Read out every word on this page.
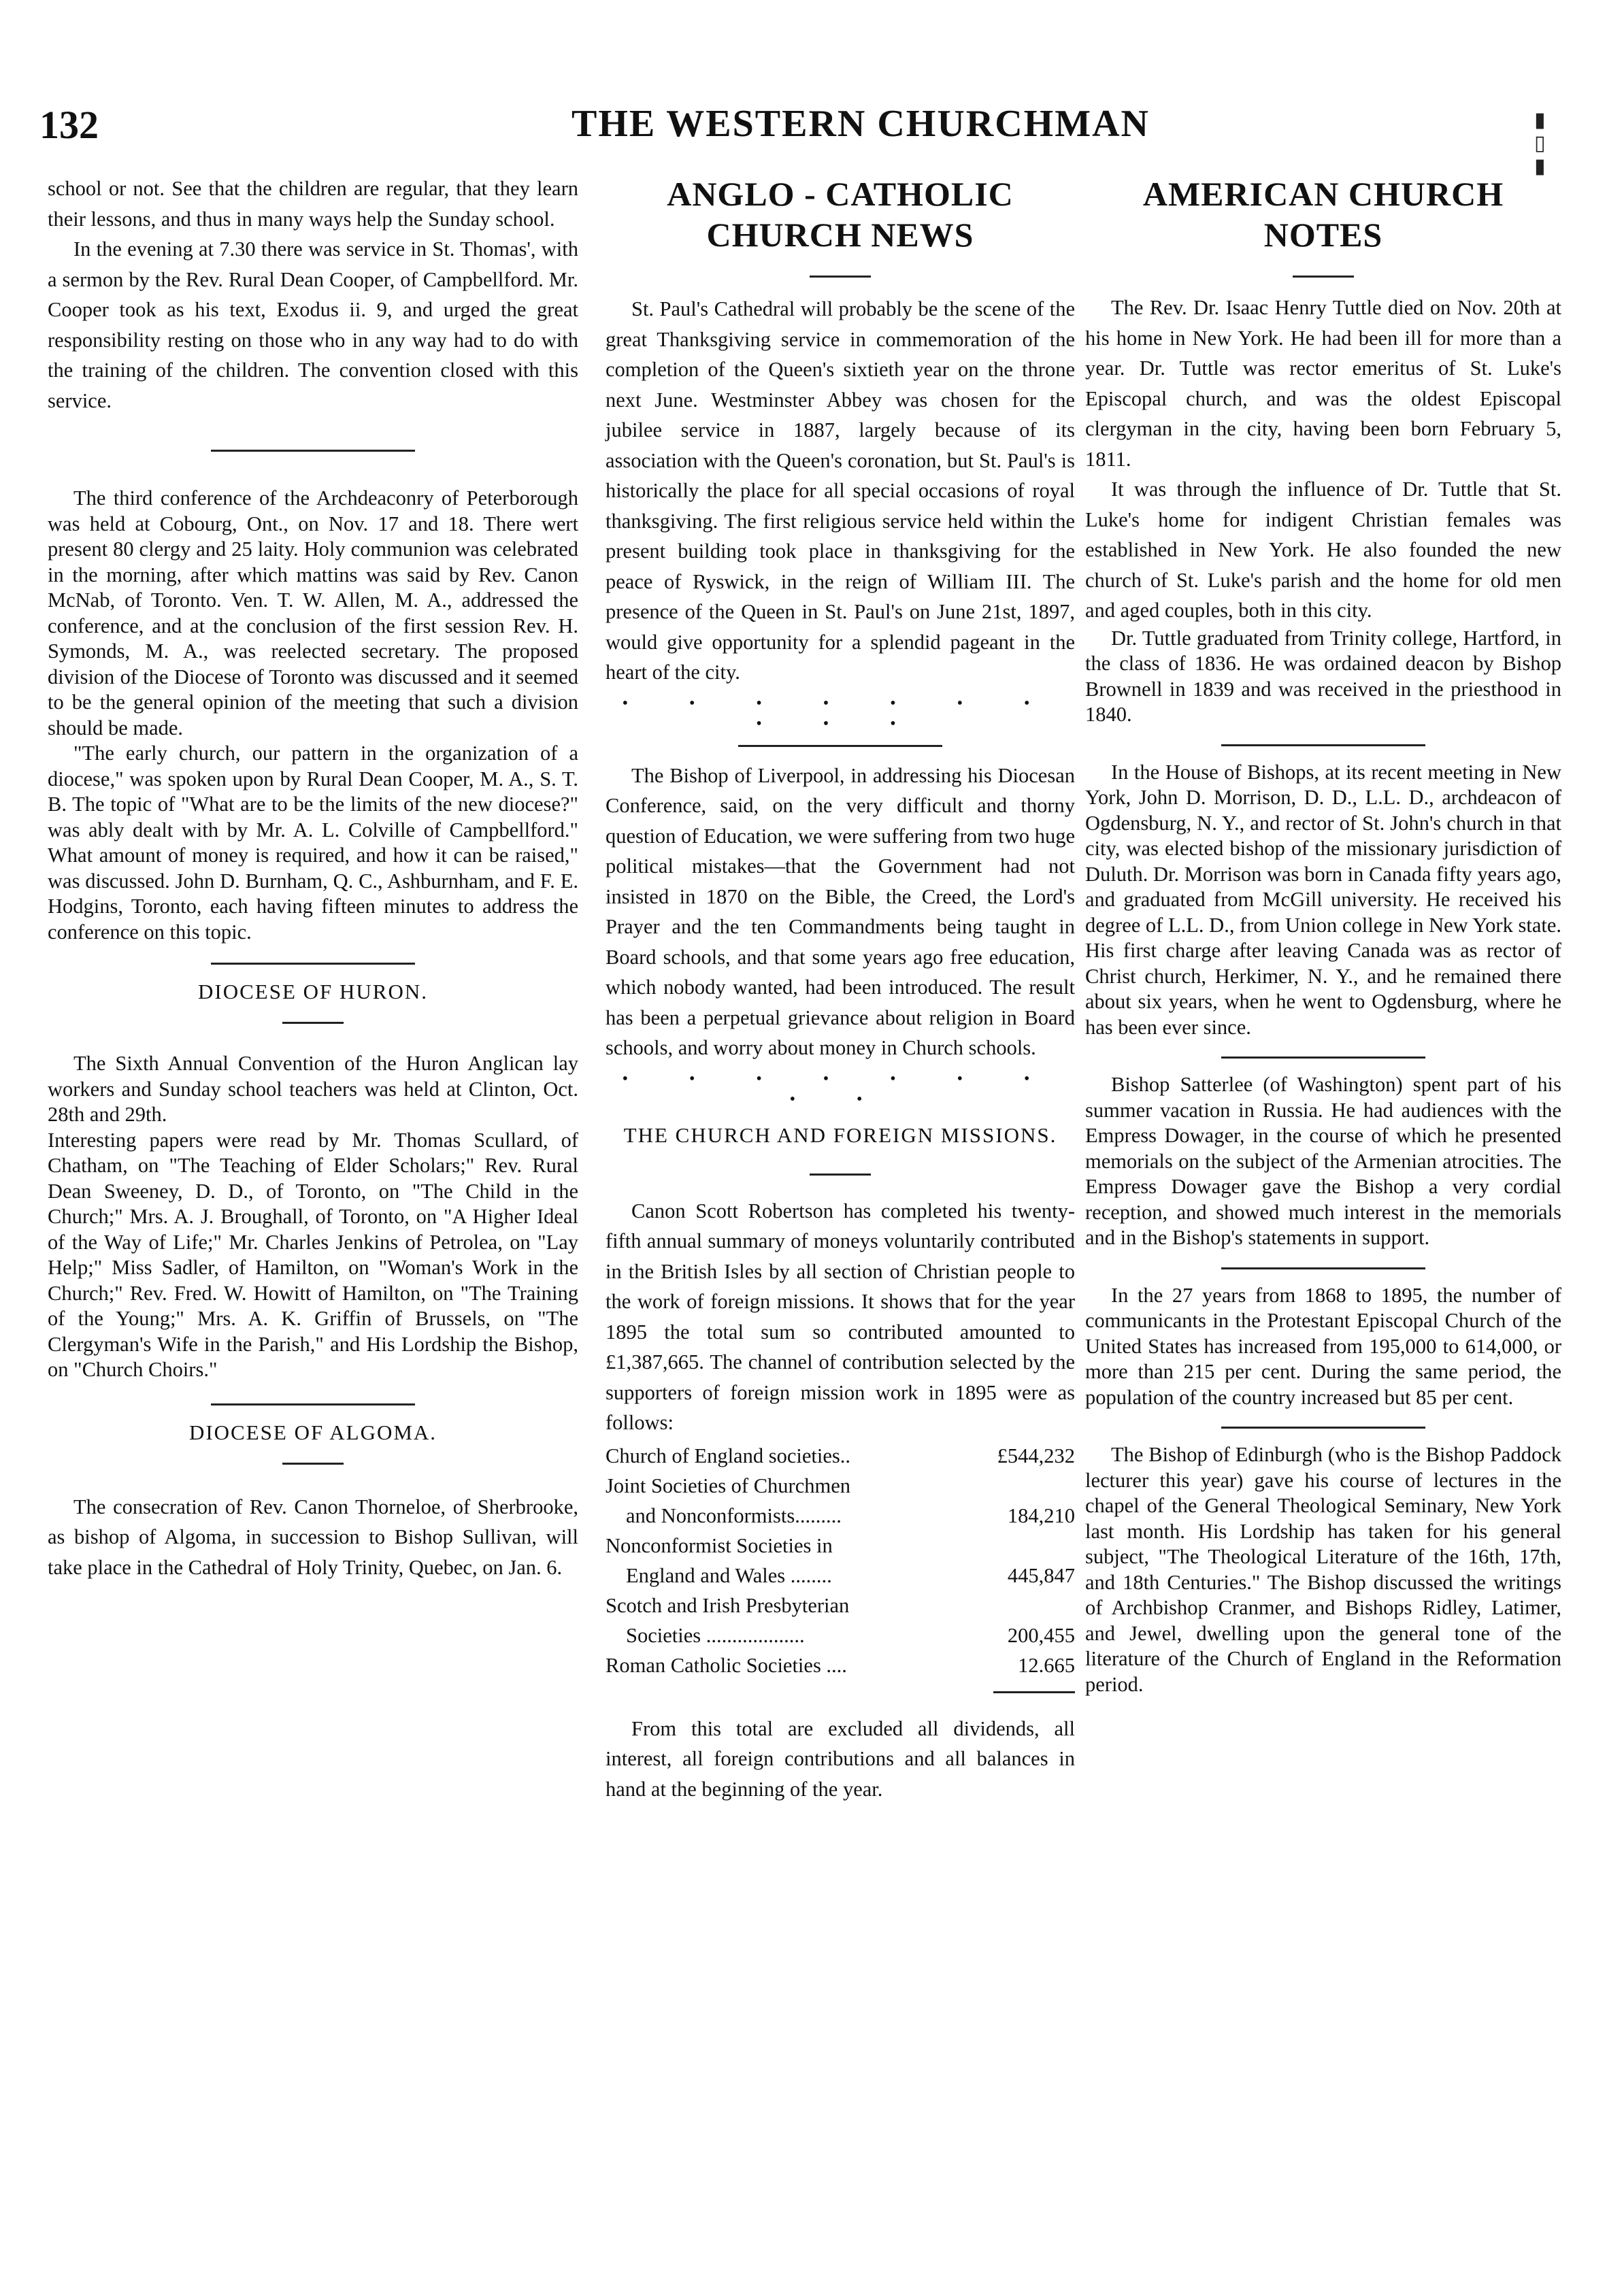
132	THE WESTERN CHURCHMAN	▮
▯
▮

school or not. See that the children are regular, that they learn their lessons, and thus in many ways help the Sunday school.

In the evening at 7.30 there was service in St. Thomas', with a sermon by the Rev. Rural Dean Cooper, of Campbellford. Mr. Cooper took as his text, Exodus ii. 9, and urged the great responsibility resting on those who in any way had to do with the training of the children. The convention closed with this service.

The third conference of the Archdeaconry of Peterborough was held at Cobourg, Ont., on Nov. 17 and 18. There wert present 80 clergy and 25 laity. Holy communion was celebrated in the morning, after which mattins was said by Rev. Canon McNab, of Toronto. Ven. T. W. Allen, M. A., addressed the conference, and at the conclusion of the first session Rev. H. Symonds, M. A., was reelected secretary. The proposed division of the Diocese of Toronto was discussed and it seemed to be the general opinion of the meeting that such a division should be made.

"The early church, our pattern in the organization of a diocese," was spoken upon by Rural Dean Cooper, M. A., S. T. B. The topic of "What are to be the limits of the new diocese?" was ably dealt with by Mr. A. L. Colville of Campbellford." What amount of money is required, and how it can be raised," was discussed. John D. Burnham, Q. C., Ashburnham, and F. E. Hodgins, Toronto, each having fifteen minutes to address the conference on this topic.

DIOCESE OF HURON.

The Sixth Annual Convention of the Huron Anglican lay workers and Sunday school teachers was held at Clinton, Oct. 28th and 29th.

Interesting papers were read by Mr. Thomas Scullard, of Chatham, on "The Teaching of Elder Scholars;" Rev. Rural Dean Sweeney, D. D., of Toronto, on "The Child in the Church;" Mrs. A. J. Broughall, of Toronto, on "A Higher Ideal of the Way of Life;" Mr. Charles Jenkins of Petrolea, on "Lay Help;" Miss Sadler, of Hamilton, on "Woman's Work in the Church;" Rev. Fred. W. Howitt of Hamilton, on "The Training of the Young;" Mrs. A. K. Griffin of Brussels, on "The Clergyman's Wife in the Parish," and His Lordship the Bishop, on "Church Choirs."

DIOCESE OF ALGOMA.

The consecration of Rev. Canon Thorneloe, of Sherbrooke, as bishop of Algoma, in succession to Bishop Sullivan, will take place in the Cathedral of Holy Trinity, Quebec, on Jan. 6.

ANGLO - CATHOLIC
CHURCH NEWS

St. Paul's Cathedral will probably be the scene of the great Thanksgiving service in commemoration of the completion of the Queen's sixtieth year on the throne next June. Westminster Abbey was chosen for the jubilee service in 1887, largely because of its association with the Queen's coronation, but St. Paul's is historically the place for all special occasions of royal thanksgiving. The first religious service held within the present building took place in thanksgiving for the peace of Ryswick, in the reign of William III. The presence of the Queen in St. Paul's on June 21st, 1897, would give opportunity for a splendid pageant in the heart of the city.

• • • • • • • • • •

The Bishop of Liverpool, in addressing his Diocesan Conference, said, on the very difficult and thorny question of Education, we were suffering from two huge political mistakes—that the Government had not insisted in 1870 on the Bible, the Creed, the Lord's Prayer and the ten Commandments being taught in Board schools, and that some years ago free education, which nobody wanted, had been introduced. The result has been a perpetual grievance about religion in Board schools, and worry about money in Church schools.

• • • • • • • • •
THE CHURCH AND FOREIGN MISSIONS.

Canon Scott Robertson has completed his twenty-fifth annual summary of moneys voluntarily contributed in the British Isles by all section of Christian people to the work of foreign missions. It shows that for the year 1895 the total sum so contributed amounted to £1,387,665. The channel of contribution selected by the supporters of foreign mission work in 1895 were as follows:

Church of England societies..	£544,232
Joint Societies of Churchmen
and Nonconformists.........	184,210
Nonconformist Societies in
England and Wales ........	445,847
Scotch and Irish Presbyterian
Societies ...................	200,455
Roman Catholic Societies ....	12.665

From this total are excluded all dividends, all interest, all foreign contributions and all balances in hand at the beginning of the year.

AMERICAN CHURCH
NOTES

The Rev. Dr. Isaac Henry Tuttle died on Nov. 20th at his home in New York. He had been ill for more than a year. Dr. Tuttle was rector emeritus of St. Luke's Episcopal church, and was the oldest Episcopal clergyman in the city, having been born February 5, 1811.

It was through the influence of Dr. Tuttle that St. Luke's home for indigent Christian females was established in New York. He also founded the new church of St. Luke's parish and the home for old men and aged couples, both in this city.

Dr. Tuttle graduated from Trinity college, Hartford, in the class of 1836. He was ordained deacon by Bishop Brownell in 1839 and was received in the priesthood in 1840.

In the House of Bishops, at its recent meeting in New York, John D. Morrison, D. D., L.L. D., archdeacon of Ogdensburg, N. Y., and rector of St. John's church in that city, was elected bishop of the missionary jurisdiction of Duluth. Dr. Morrison was born in Canada fifty years ago, and graduated from McGill university. He received his degree of L.L. D., from Union college in New York state. His first charge after leaving Canada was as rector of Christ church, Herkimer, N. Y., and he remained there about six years, when he went to Ogdensburg, where he has been ever since.

Bishop Satterlee (of Washington) spent part of his summer vacation in Russia. He had audiences with the Empress Dowager, in the course of which he presented memorials on the subject of the Armenian atrocities. The Empress Dowager gave the Bishop a very cordial reception, and showed much interest in the memorials and in the Bishop's statements in support.

In the 27 years from 1868 to 1895, the number of communicants in the Protestant Episcopal Church of the United States has increased from 195,000 to 614,000, or more than 215 per cent. During the same period, the population of the country increased but 85 per cent.

The Bishop of Edinburgh (who is the Bishop Paddock lecturer this year) gave his course of lectures in the chapel of the General Theological Seminary, New York last month. His Lordship has taken for his general subject, "The Theological Literature of the 16th, 17th, and 18th Centuries." The Bishop discussed the writings of Archbishop Cranmer, and Bishops Ridley, Latimer, and Jewel, dwelling upon the general tone of the literature of the Church of England in the Reformation period.
